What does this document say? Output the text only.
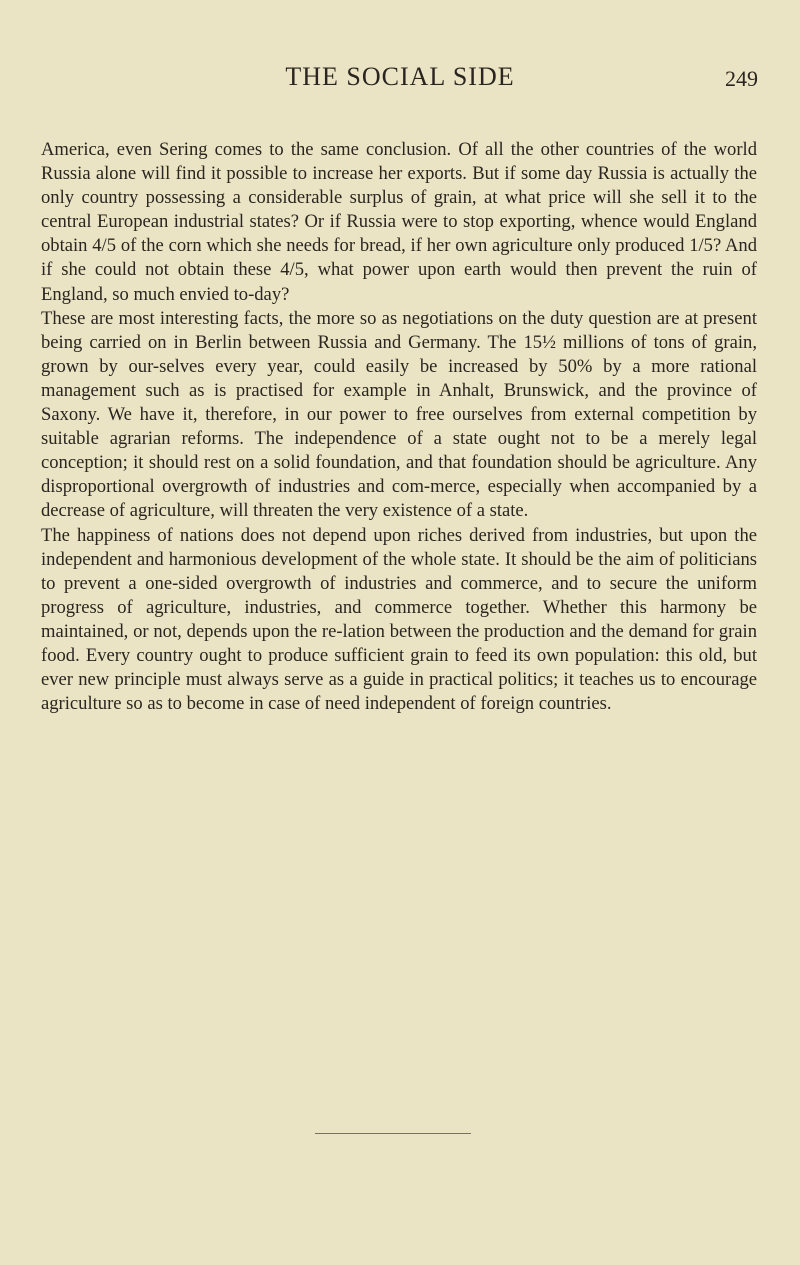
THE SOCIAL SIDE	249

America, even Sering comes to the same conclusion. Of all the other countries of the world Russia alone will find it possible to increase her exports. But if some day Russia is actually the only country possessing a considerable surplus of grain, at what price will she sell it to the central European industrial states? Or if Russia were to stop exporting, whence would England obtain 4/5 of the corn which she needs for bread, if her own agriculture only produced 1/5? And if she could not obtain these 4/5, what power upon earth would then prevent the ruin of England, so much envied to-day?

These are most interesting facts, the more so as negotiations on the duty question are at present being carried on in Berlin between Russia and Germany. The 15½ millions of tons of grain, grown by our-selves every year, could easily be increased by 50% by a more rational management such as is practised for example in Anhalt, Brunswick, and the province of Saxony. We have it, therefore, in our power to free ourselves from external competition by suitable agrarian reforms. The independence of a state ought not to be a merely legal conception; it should rest on a solid foundation, and that foundation should be agriculture. Any disproportional overgrowth of industries and com-merce, especially when accompanied by a decrease of agriculture, will threaten the very existence of a state.

The happiness of nations does not depend upon riches derived from industries, but upon the independent and harmonious development of the whole state. It should be the aim of politicians to prevent a one-sided overgrowth of industries and commerce, and to secure the uniform progress of agriculture, industries, and commerce together. Whether this harmony be maintained, or not, depends upon the re-lation between the production and the demand for grain food. Every country ought to produce sufficient grain to feed its own population: this old, but ever new principle must always serve as a guide in practical politics; it teaches us to encourage agriculture so as to become in case of need independent of foreign countries.
